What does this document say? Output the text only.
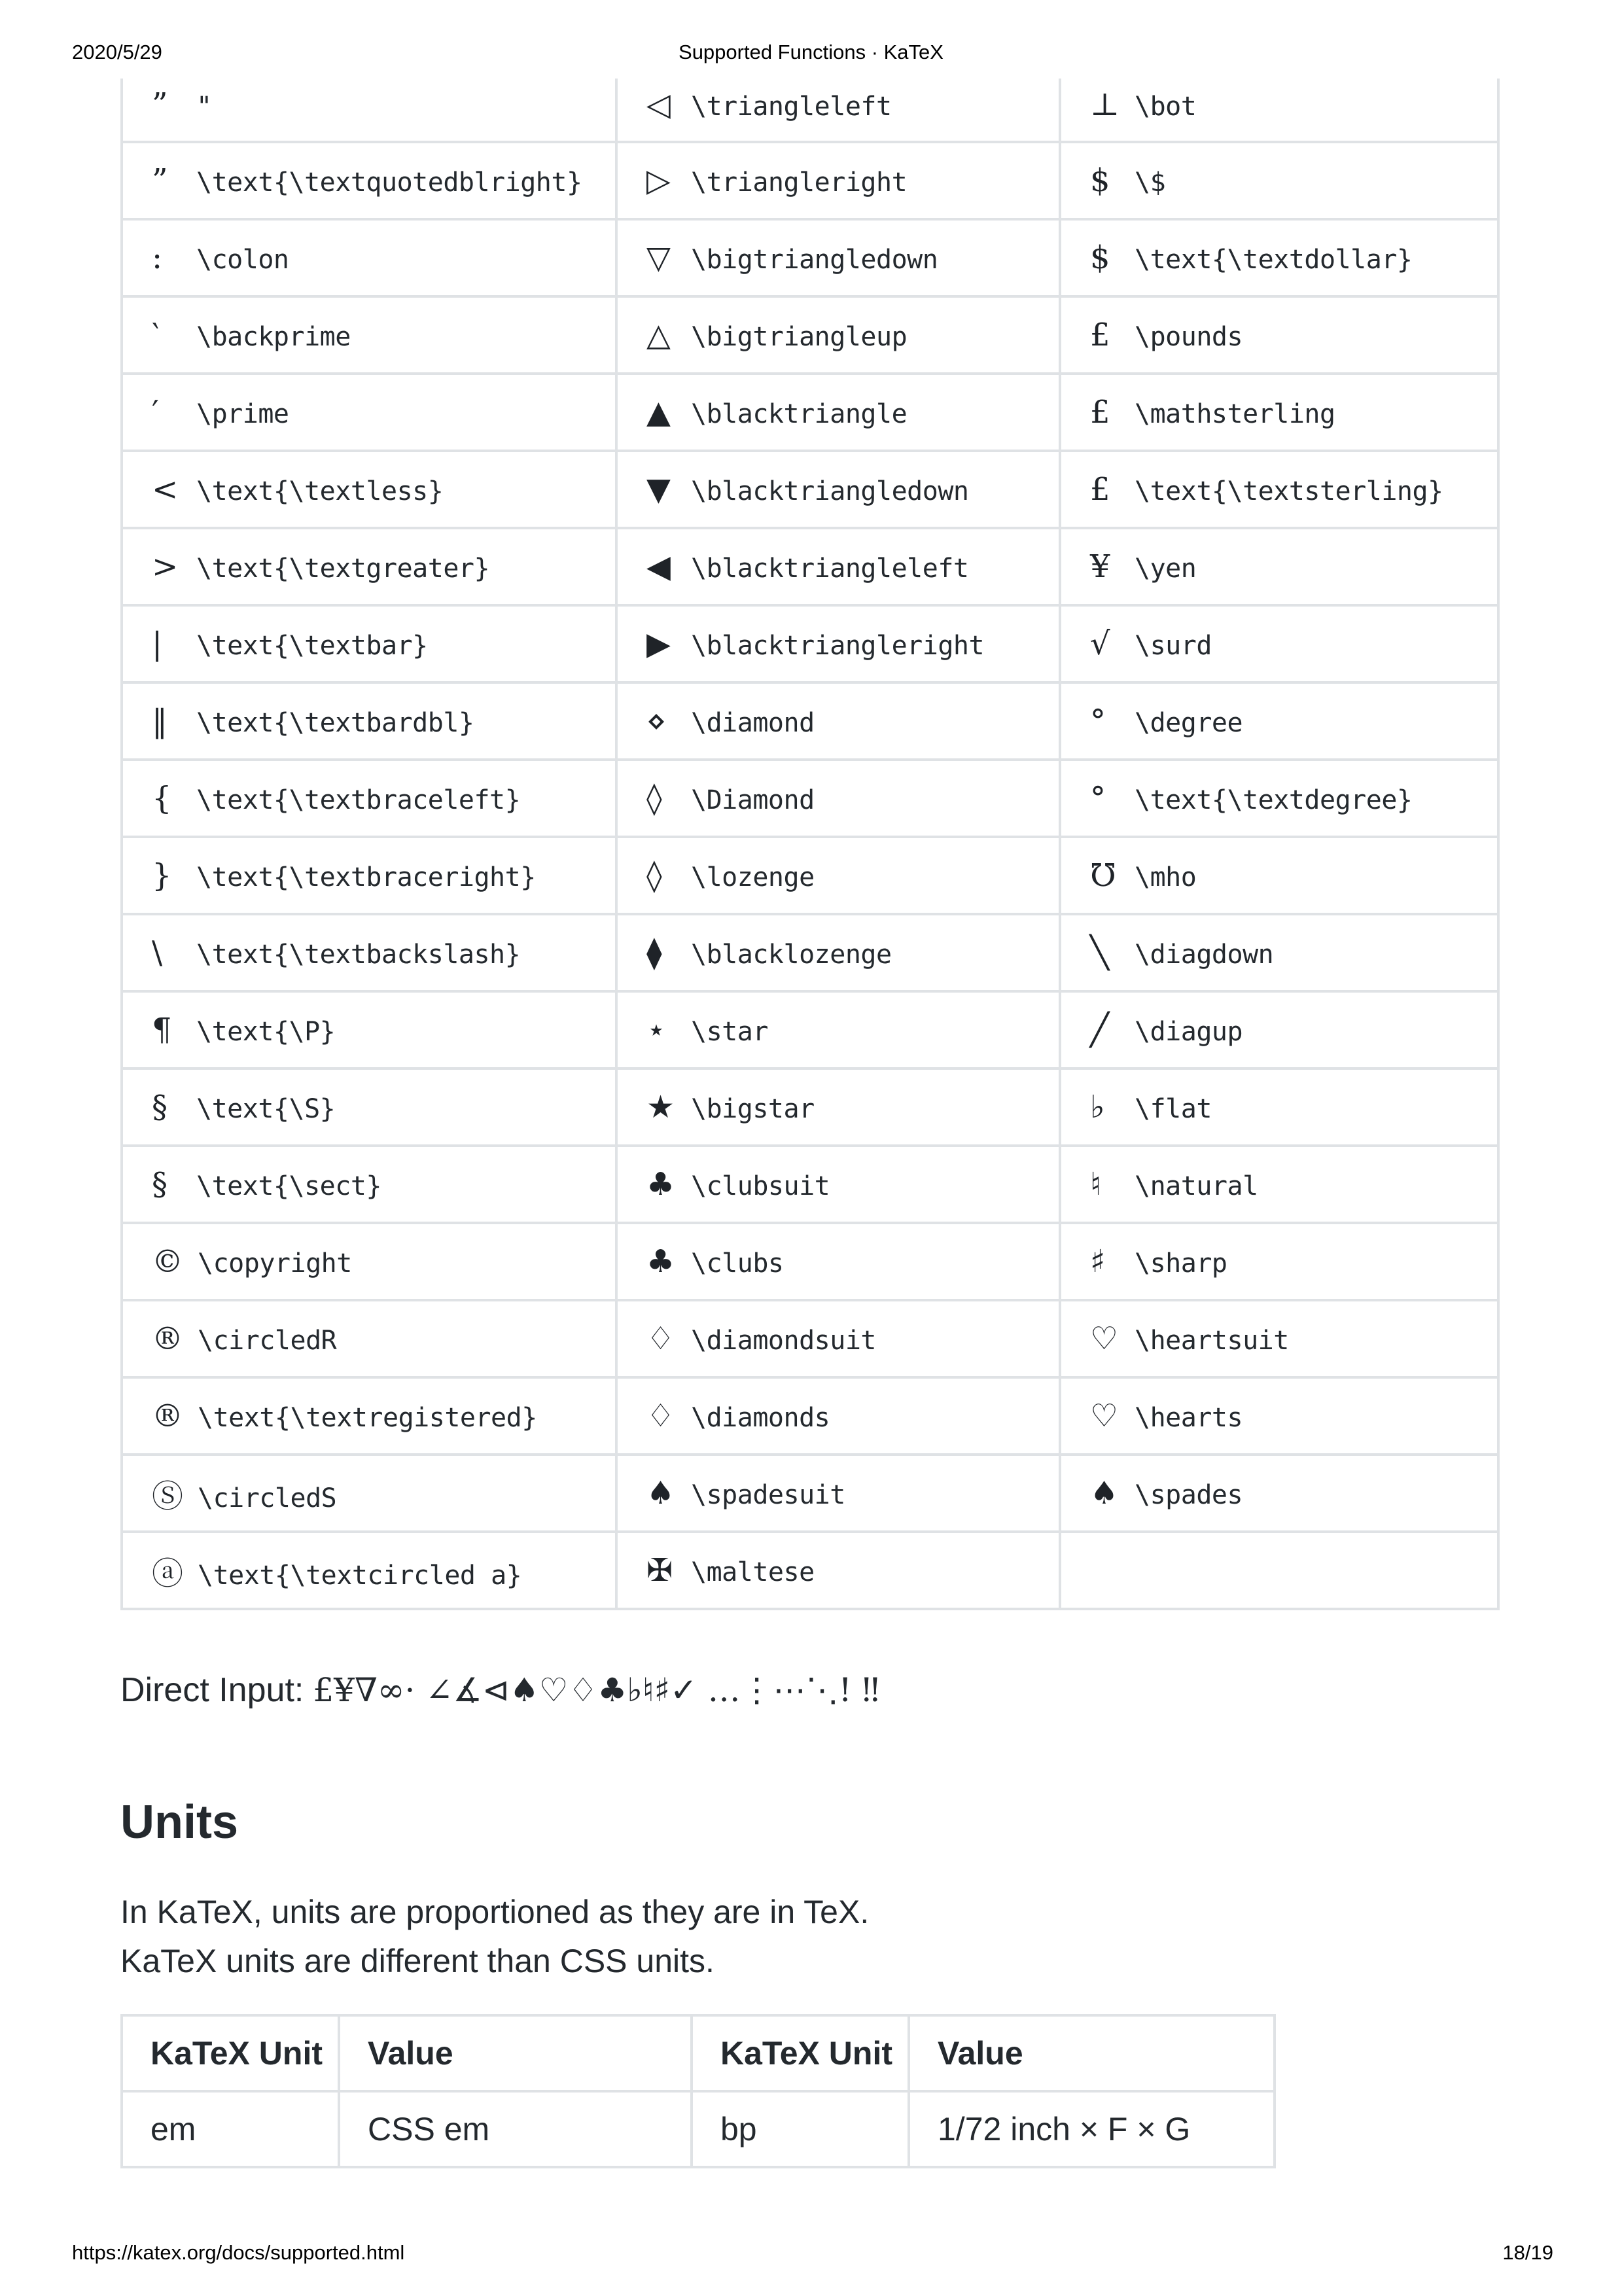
2020/5/29	Supported Functions · KaTeX
” "	◁ \triangleleft	⊥ \bot
” \text{\textquotedblright}	▷ \triangleright	$ \$
: \colon	▽ \bigtriangledown	$ \text{\textdollar}
‵ \backprime	△ \bigtriangleup	£ \pounds
′ \prime	▲ \blacktriangle	£ \mathsterling
< \text{\textless}	▼ \blacktriangledown	£ \text{\textsterling}
> \text{\textgreater}	◀ \blacktriangleleft	¥ \yen
| \text{\textbar}	▶ \blacktriangleright	√ \surd
‖ \text{\textbardbl}	⋄ \diamond	° \degree
{ \text{\textbraceleft}	◊ \Diamond	° \text{\textdegree}
} \text{\textbraceright}	◊ \lozenge	℧ \mho
\ \text{\textbackslash}	⧫ \blacklozenge	╲ \diagdown
¶ \text{\P}	⋆ \star	╱ \diagup
§ \text{\S}	★ \bigstar	♭ \flat
§ \text{\sect}	♣ \clubsuit	♮ \natural
© \copyright	♣ \clubs	♯ \sharp
® \circledR	♢ \diamondsuit	♡ \heartsuit
® \text{\textregistered}	♢ \diamonds	♡ \hearts
Ⓢ \circledS	♠ \spadesuit	♠ \spades
ⓐ \text{\textcircled a}	✠ \maltese	
Direct Input: £¥∇∞· ∠∡⊲♠♡♢♣♭♮♯✓ …⋮⋯⋱! ‼
Units

In KaTeX, units are proportioned as they are in TeX.
KaTeX units are different than CSS units.

KaTeX Unit	Value	KaTeX Unit	Value
em	CSS em	bp	1/72 inch × F × G
https://katex.org/docs/supported.html	18/19
